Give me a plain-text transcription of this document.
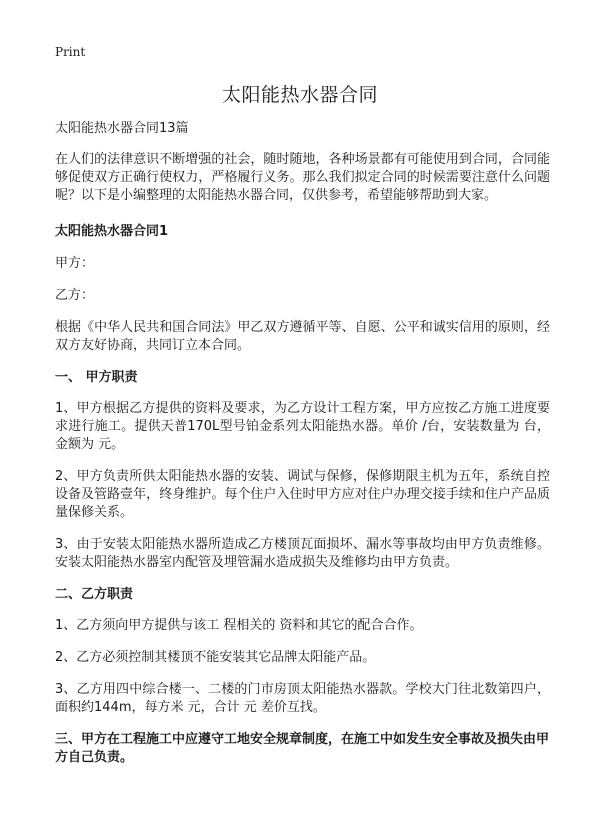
Print
太阳能热水器合同

太阳能热水器合同13篇

在人们的法律意识不断增强的社会，随时随地，各种场景都有可能使用到合同，合同能够促使双方正确行使权力，严格履行义务。那么我们拟定合同的时候需要注意什么问题呢？以下是小编整理的太阳能热水器合同，仅供参考，希望能够帮助到大家。

太阳能热水器合同1

甲方：

乙方：

根据《中华人民共和国合同法》甲乙双方遵循平等、自愿、公平和诚实信用的原则，经双方友好协商，共同订立本合同。

一、 甲方职责

1、甲方根据乙方提供的资料及要求，为乙方设计工程方案，甲方应按乙方施工进度要求进行施工。提供天普170L型号铂金系列太阳能热水器。单价 /台，安装数量为 台，金额为 元。

2、甲方负责所供太阳能热水器的安装、调试与保修，保修期限主机为五年，系统自控设备及管路壹年，终身维护。每个住户入住时甲方应对住户办理交接手续和住户产品质量保修关系。

3、由于安装太阳能热水器所造成乙方楼顶瓦面损坏、漏水等事故均由甲方负责维修。安装太阳能热水器室内配管及埋管漏水造成损失及维修均由甲方负责。

二、乙方职责

1、乙方须向甲方提供与该工 程相关的 资料和其它的配合合作。

2、乙方必须控制其楼顶不能安装其它品牌太阳能产品。

3、乙方用四中综合楼一、二楼的门市房顶太阳能热水器款。学校大门往北数第四户，面积约144m，每方米 元，合计 元 差价互找。

三、甲方在工程施工中应遵守工地安全规章制度，在施工中如发生安全事故及损失由甲方自己负责。
